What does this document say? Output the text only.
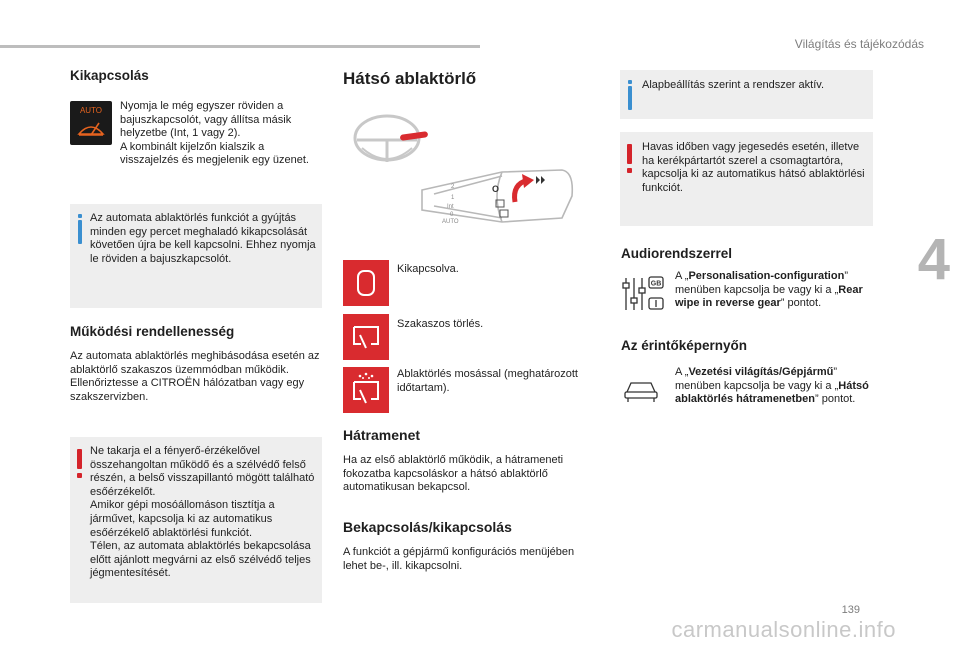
Világítás és tájékozódás
Kikapcsolás
AUTO Nyomja le még egyszer röviden a bajuszkapcsolót, vagy állítsa másik helyzetbe (Int, 1 vagy 2).
A kombinált kijelzőn kialszik a visszajelzés és megjelenik egy üzenet.
Az automata ablaktörlés funkciót a gyújtás minden egy percet meghaladó kikapcsolását követően újra be kell kapcsolni. Ehhez nyomja le röviden a bajuszkapcsolót.
Működési rendellenesség
Az automata ablaktörlés meghibásodása esetén az ablaktörlő szakaszos üzemmódban működik.
Ellenőriztesse a CITROËN hálózatban vagy egy szakszervizben.
Ne takarja el a fényerő-érzékelővel összehangoltan működő és a szélvédő felső részén, a belső visszapillantó mögött található esőérzékelőt.
Amikor gépi mosóállomáson tisztítja a járművet, kapcsolja ki az automatikus esőérzékelő ablaktörlési funkciót.
Télen, az automata ablaktörlés bekapcsolása előtt ajánlott megvárni az első szélvédő teljes jégmentesítését.
Hátsó ablaktörlő
2
1
Int
0
AUTO
O
Kikapcsolva.
Szakaszos törlés.
Ablaktörlés mosással (meghatározott időtartam).
Hátramenet
Ha az első ablaktörlő működik, a hátrameneti fokozatba kapcsoláskor a hátsó ablaktörlő automatikusan bekapcsol.
Bekapcsolás/kikapcsolás
A funkciót a gépjármű konfigurációs menüjében lehet be-, ill. kikapcsolni.
Alapbeállítás szerint a rendszer aktív.
Havas időben vagy jegesedés esetén, illetve ha kerékpártartót szerel a csomagtartóra, kapcsolja ki az automatikus hátsó ablaktörlési funkciót.
Audiorendszerrel
GB
A „Personalisation-configuration” menüben kapcsolja be vagy ki a „Rear wipe in reverse gear” pontot.
Az érintőképernyőn
A „Vezetési világítás/Gépjármű” menüben kapcsolja be vagy ki a „Hátsó ablaktörlés hátramenetben” pontot.
4
139
carmanualsonline.info
